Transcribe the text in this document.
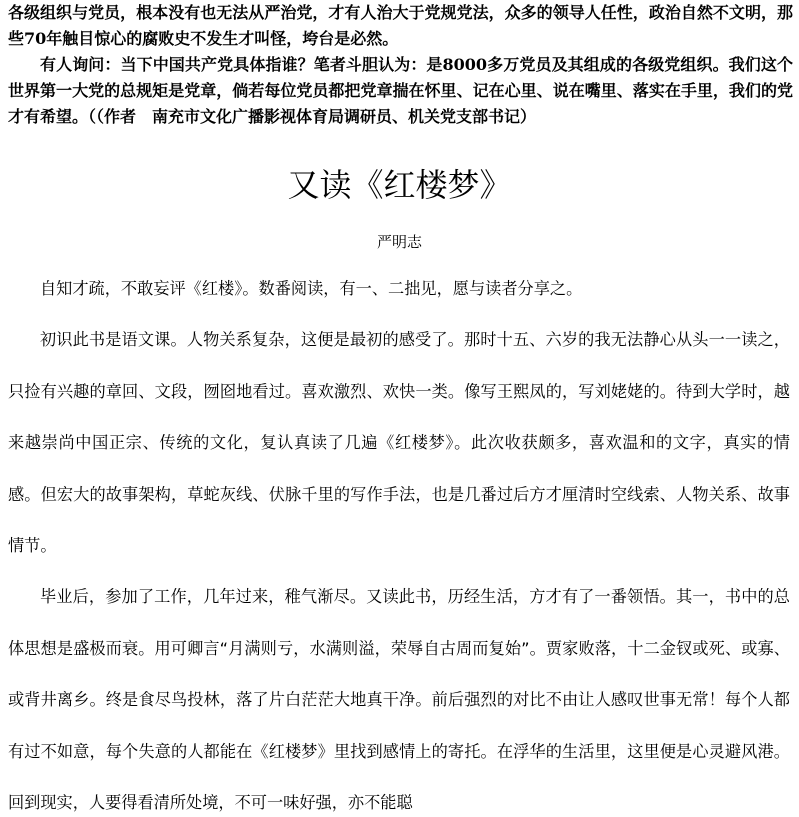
各级组织与党员，根本没有也无法从严治党，才有人治大于党规党法，众多的领导人任性，政治自然不文明，那些70年触目惊心的腐败史不发生才叫怪，垮台是必然。

有人询问：当下中国共产党具体指谁？笔者斗胆认为：是8000多万党员及其组成的各级党组织。我们这个世界第一大党的总规矩是党章，倘若每位党员都把党章揣在怀里、记在心里、说在嘴里、落实在手里，我们的党才有希望。（（作者　南充市文化广播影视体育局调研员、机关党支部书记）

又读《红楼梦》
严明志

自知才疏，不敢妄评《红楼》。数番阅读，有一、二拙见，愿与读者分享之。

初识此书是语文课。人物关系复杂，这便是最初的感受了。那时十五、六岁的我无法静心从头一一读之，只捡有兴趣的章回、文段，囫囵地看过。喜欢激烈、欢快一类。像写王熙凤的，写刘姥姥的。待到大学时，越来越崇尚中国正宗、传统的文化，复认真读了几遍《红楼梦》。此次收获颇多，喜欢温和的文字，真实的情感。但宏大的故事架构，草蛇灰线、伏脉千里的写作手法，也是几番过后方才厘清时空线索、人物关系、故事情节。

毕业后，参加了工作，几年过来，稚气渐尽。又读此书，历经生活，方才有了一番领悟。其一，书中的总体思想是盛极而衰。用可卿言“月满则亏，水满则溢，荣辱自古周而复始”。贾家败落，十二金钗或死、或寡、或背井离乡。终是食尽鸟投林，落了片白茫茫大地真干净。前后强烈的对比不由让人感叹世事无常！每个人都有过不如意，每个失意的人都能在《红楼梦》里找到感情上的寄托。在浮华的生活里，这里便是心灵避风港。回到现实，人要得看清所处境，不可一味好强，亦不能聪
